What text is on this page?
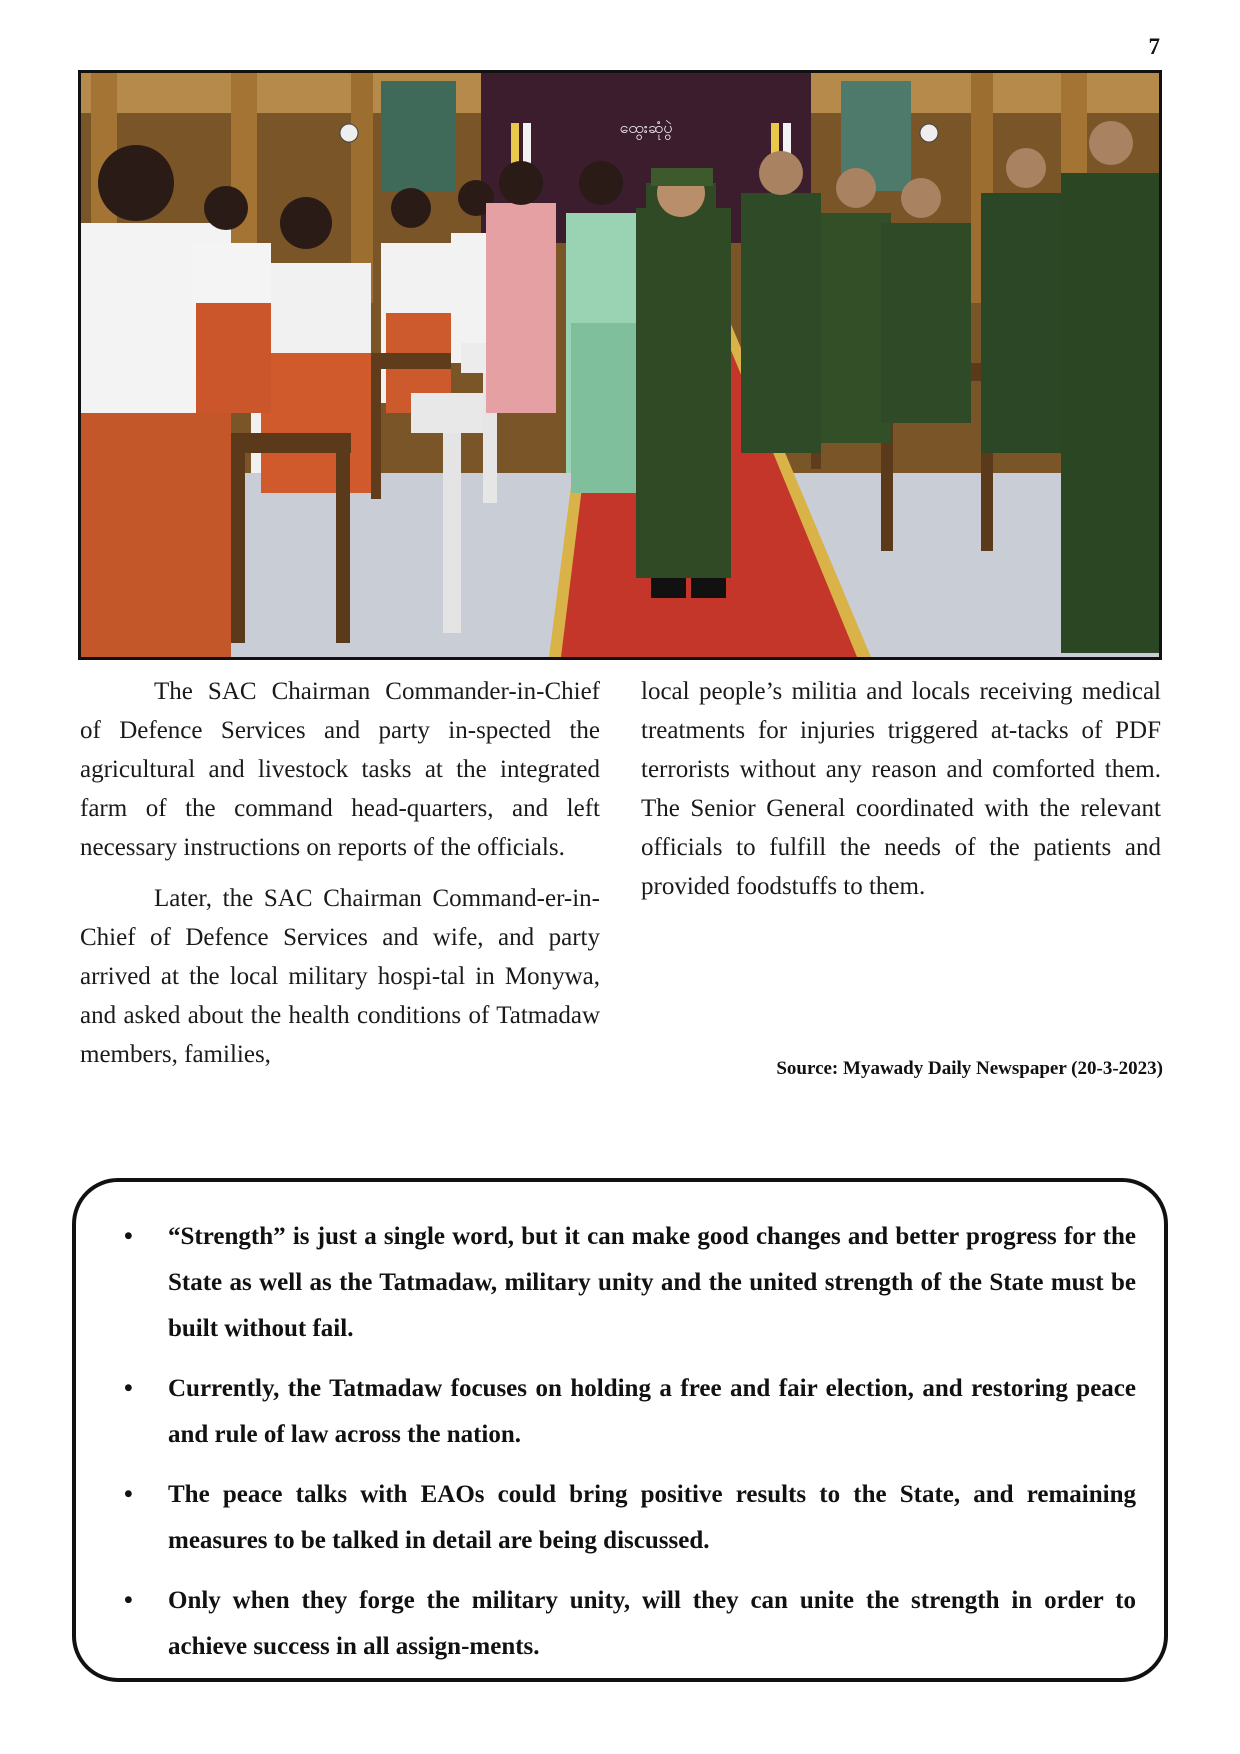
7
ထွေးဆုံပွဲ

The SAC Chairman Commander-in-Chief of Defence Services and party in-spected the agricultural and livestock tasks at the integrated farm of the command head-quarters, and left necessary instructions on reports of the officials.

Later, the SAC Chairman Command-er-in-Chief of Defence Services and wife, and party arrived at the local military hospi-tal in Monywa, and asked about the health conditions of Tatmadaw members, families,

local people’s militia and locals receiving medical treatments for injuries triggered at-tacks of PDF terrorists without any reason and comforted them. The Senior General coordinated with the relevant officials to fulfill the needs of the patients and provided foodstuffs to them.

Source: Myawady Daily Newspaper (20-3-2023)
• “Strength” is just a single word, but it can make good changes and better progress for the State as well as the Tatmadaw, military unity and the united strength of the State must be built without fail.
• Currently, the Tatmadaw focuses on holding a free and fair election, and restoring peace and rule of law across the nation.
• The peace talks with EAOs could bring positive results to the State, and remaining measures to be talked in detail are being discussed.
• Only when they forge the military unity, will they can unite the strength in order to achieve success in all assign-ments.
